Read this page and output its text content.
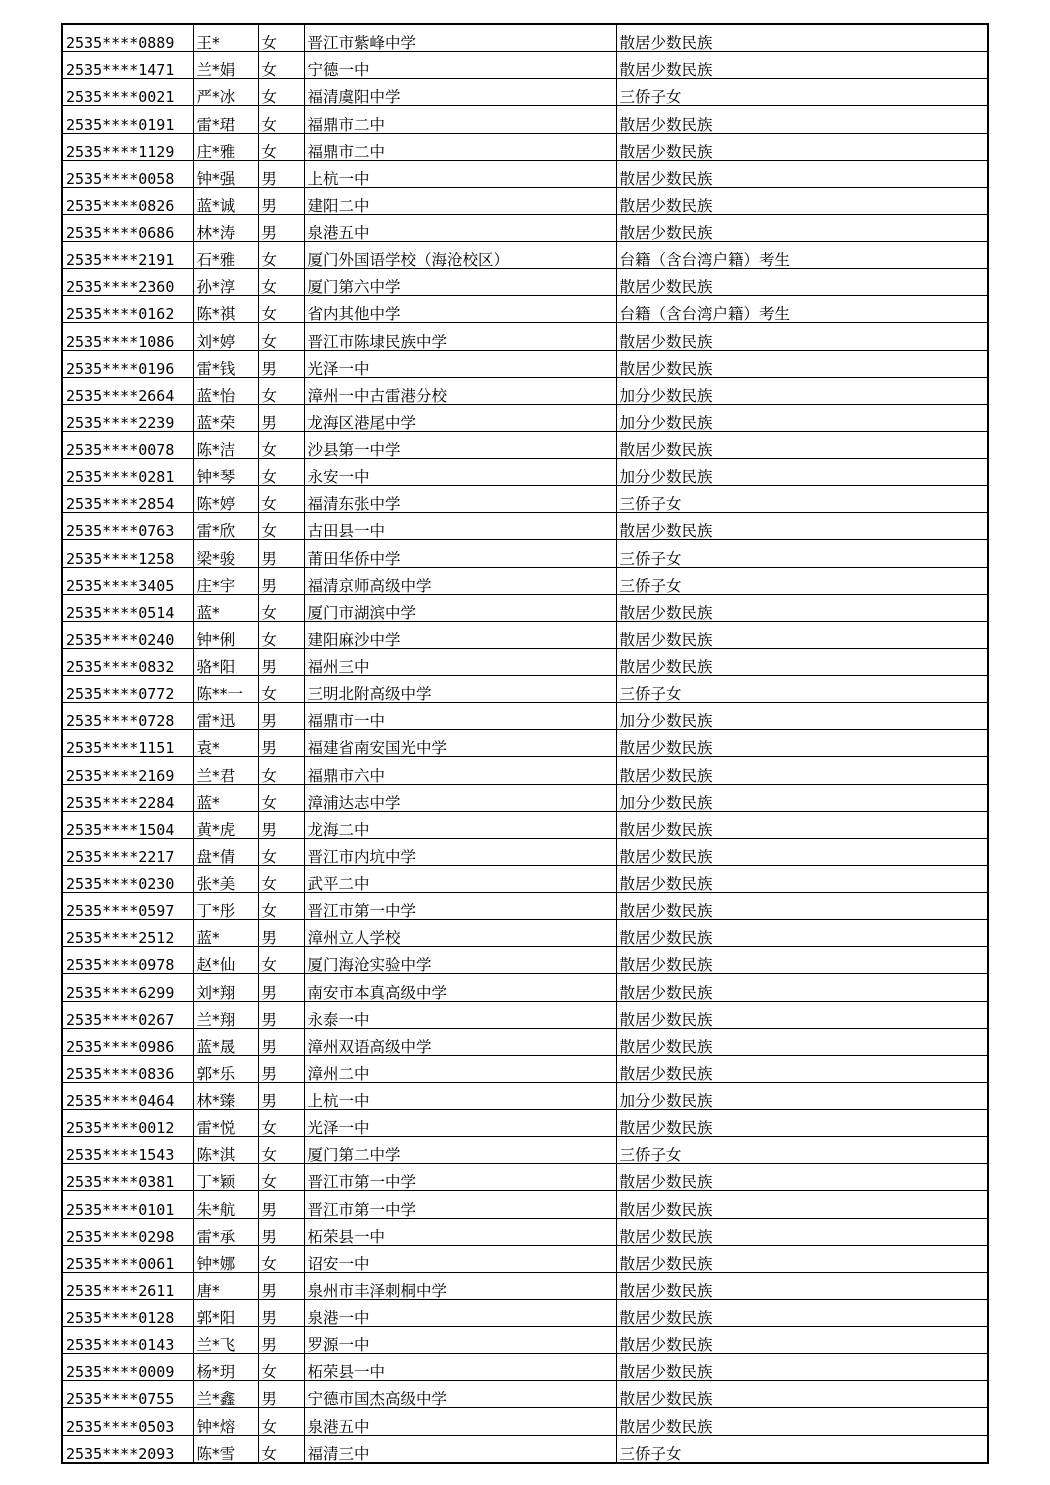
2535****0889	王*	女	晋江市紫峰中学	散居少数民族
2535****1471	兰*娟	女	宁德一中	散居少数民族
2535****0021	严*冰	女	福清虞阳中学	三侨子女
2535****0191	雷*珺	女	福鼎市二中	散居少数民族
2535****1129	庄*雅	女	福鼎市二中	散居少数民族
2535****0058	钟*强	男	上杭一中	散居少数民族
2535****0826	蓝*诚	男	建阳二中	散居少数民族
2535****0686	林*涛	男	泉港五中	散居少数民族
2535****2191	石*雅	女	厦门外国语学校（海沧校区）	台籍（含台湾户籍）考生
2535****2360	孙*淳	女	厦门第六中学	散居少数民族
2535****0162	陈*祺	女	省内其他中学	台籍（含台湾户籍）考生
2535****1086	刘*婷	女	晋江市陈埭民族中学	散居少数民族
2535****0196	雷*钱	男	光泽一中	散居少数民族
2535****2664	蓝*怡	女	漳州一中古雷港分校	加分少数民族
2535****2239	蓝*荣	男	龙海区港尾中学	加分少数民族
2535****0078	陈*洁	女	沙县第一中学	散居少数民族
2535****0281	钟*琴	女	永安一中	加分少数民族
2535****2854	陈*婷	女	福清东张中学	三侨子女
2535****0763	雷*欣	女	古田县一中	散居少数民族
2535****1258	梁*骏	男	莆田华侨中学	三侨子女
2535****3405	庄*宇	男	福清京师高级中学	三侨子女
2535****0514	蓝*	女	厦门市湖滨中学	散居少数民族
2535****0240	钟*俐	女	建阳麻沙中学	散居少数民族
2535****0832	骆*阳	男	福州三中	散居少数民族
2535****0772	陈**一	女	三明北附高级中学	三侨子女
2535****0728	雷*迅	男	福鼎市一中	加分少数民族
2535****1151	袁*	男	福建省南安国光中学	散居少数民族
2535****2169	兰*君	女	福鼎市六中	散居少数民族
2535****2284	蓝*	女	漳浦达志中学	加分少数民族
2535****1504	黄*虎	男	龙海二中	散居少数民族
2535****2217	盘*倩	女	晋江市内坑中学	散居少数民族
2535****0230	张*美	女	武平二中	散居少数民族
2535****0597	丁*彤	女	晋江市第一中学	散居少数民族
2535****2512	蓝*	男	漳州立人学校	散居少数民族
2535****0978	赵*仙	女	厦门海沧实验中学	散居少数民族
2535****6299	刘*翔	男	南安市本真高级中学	散居少数民族
2535****0267	兰*翔	男	永泰一中	散居少数民族
2535****0986	蓝*晟	男	漳州双语高级中学	散居少数民族
2535****0836	郭*乐	男	漳州二中	散居少数民族
2535****0464	林*臻	男	上杭一中	加分少数民族
2535****0012	雷*悦	女	光泽一中	散居少数民族
2535****1543	陈*淇	女	厦门第二中学	三侨子女
2535****0381	丁*颖	女	晋江市第一中学	散居少数民族
2535****0101	朱*航	男	晋江市第一中学	散居少数民族
2535****0298	雷*承	男	柘荣县一中	散居少数民族
2535****0061	钟*娜	女	诏安一中	散居少数民族
2535****2611	唐*	男	泉州市丰泽刺桐中学	散居少数民族
2535****0128	郭*阳	男	泉港一中	散居少数民族
2535****0143	兰*飞	男	罗源一中	散居少数民族
2535****0009	杨*玥	女	柘荣县一中	散居少数民族
2535****0755	兰*鑫	男	宁德市国杰高级中学	散居少数民族
2535****0503	钟*熔	女	泉港五中	散居少数民族
2535****2093	陈*雪	女	福清三中	三侨子女
